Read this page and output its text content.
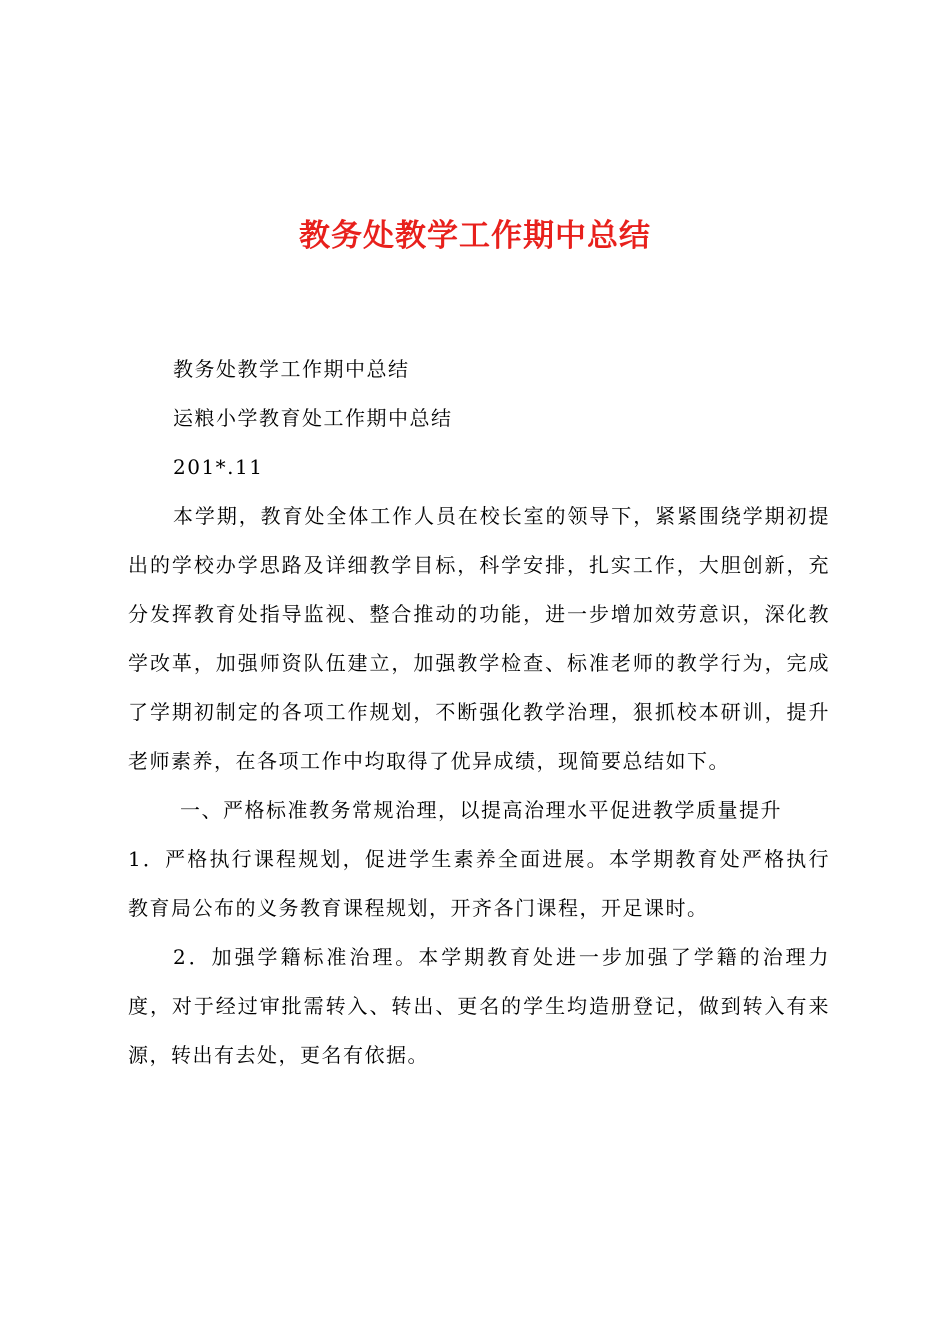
教务处教学工作期中总结

教务处教学工作期中总结

运粮小学教育处工作期中总结

201*.11

本学期，教育处全体工作人员在校长室的领导下，紧紧围绕学期初提出的学校办学思路及详细教学目标，科学安排，扎实工作，大胆创新，充分发挥教育处指导监视、整合推动的功能，进一步增加效劳意识，深化教学改革，加强师资队伍建立，加强教学检查、标准老师的教学行为，完成了学期初制定的各项工作规划，不断强化教学治理，狠抓校本研训，提升老师素养，在各项工作中均取得了优异成绩，现简要总结如下。

一、严格标准教务常规治理，以提高治理水平促进教学质量提升

1．严格执行课程规划，促进学生素养全面进展。本学期教育处严格执行教育局公布的义务教育课程规划，开齐各门课程，开足课时。

2．加强学籍标准治理。本学期教育处进一步加强了学籍的治理力度，对于经过审批需转入、转出、更名的学生均造册登记，做到转入有来源，转出有去处，更名有依据。
